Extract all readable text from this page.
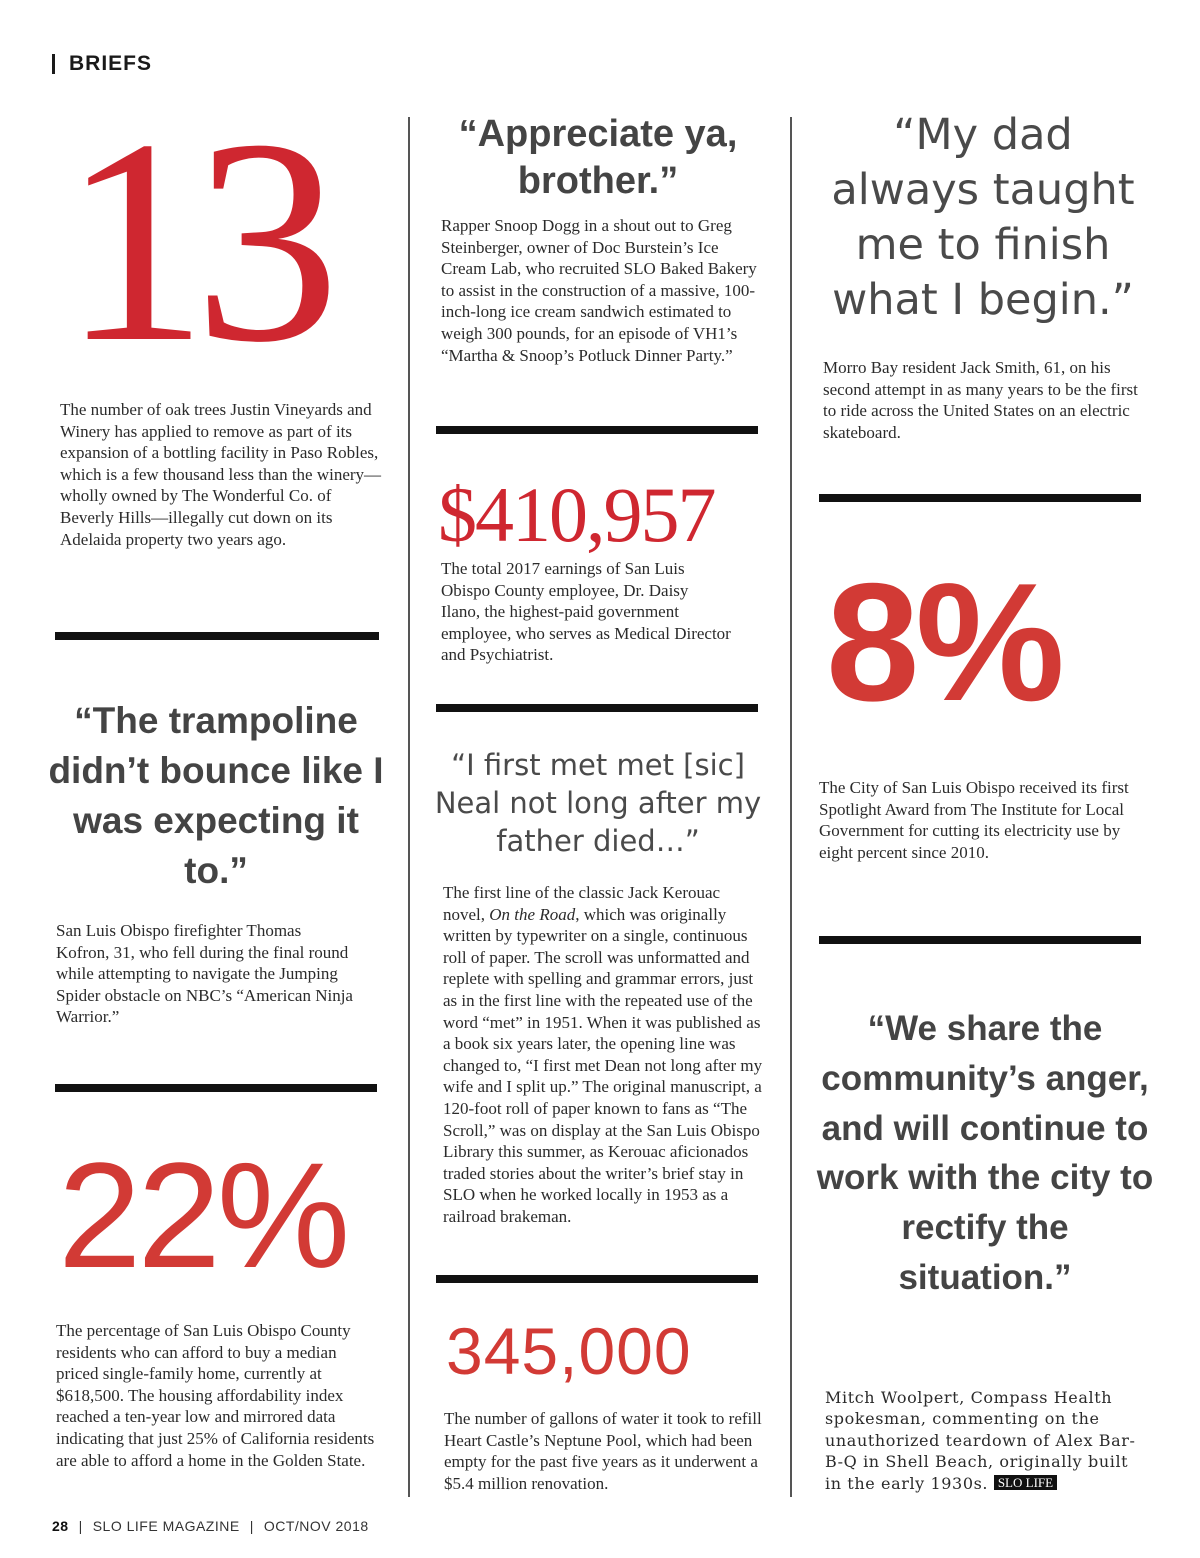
BRIEFS
13

The number of oak trees Justin Vineyards and Winery has applied to remove as part of its expansion of a bottling facility in Paso Robles, which is a few thousand less than the winery—wholly owned by The Wonderful Co. of Beverly Hills—illegally cut down on its Adelaida property two years ago.

“The trampoline didn’t bounce like I was expecting it to.”

San Luis Obispo firefighter Thomas Kofron, 31, who fell during the final round while attempting to navigate the Jumping Spider obstacle on NBC’s “American Ninja Warrior.”

22%

The percentage of San Luis Obispo County residents who can afford to buy a median priced single-family home, currently at $618,500. The housing affordability index reached a ten-year low and mirrored data indicating that just 25% of California residents are able to afford a home in the Golden State.

“Appreciate ya, brother.”

Rapper Snoop Dogg in a shout out to Greg Steinberger, owner of Doc Burstein’s Ice Cream Lab, who recruited SLO Baked Bakery to assist in the construction of a massive, 100-inch-long ice cream sandwich estimated to weigh 300 pounds, for an episode of VH1’s “Martha & Snoop’s Potluck Dinner Party.”

$410,957

The total 2017 earnings of San Luis Obispo County employee, Dr. Daisy Ilano, the highest-paid government employee, who serves as Medical Director and Psychiatrist.

“I first met met [sic] Neal not long after my father died…”

The first line of the classic Jack Kerouac novel, On the Road, which was originally written by typewriter on a single, continuous roll of paper. The scroll was unformatted and replete with spelling and grammar errors, just as in the first line with the repeated use of the word “met” in 1951. When it was published as a book six years later, the opening line was changed to, “I first met Dean not long after my wife and I split up.” The original manuscript, a 120-foot roll of paper known to fans as “The Scroll,” was on display at the San Luis Obispo Library this summer, as Kerouac aficionados traded stories about the writer’s brief stay in SLO when he worked locally in 1953 as a railroad brakeman.

345,000

The number of gallons of water it took to refill Heart Castle’s Neptune Pool, which had been empty for the past five years as it underwent a $5.4 million renovation.

“My dad always taught me to finish what I begin.”

Morro Bay resident Jack Smith, 61, on his second attempt in as many years to be the first to ride across the United States on an electric skateboard.

8%

The City of San Luis Obispo received its first Spotlight Award from The Institute for Local Government for cutting its electricity use by eight percent since 2010.

“We share the community’s anger, and will continue to work with the city to rectify the situation.”

Mitch Woolpert, Compass Health spokesman, commenting on the unauthorized teardown of Alex Bar-B-Q in Shell Beach, originally built in the early 1930s. SLO LIFE

28 | SLO LIFE MAGAZINE | OCT/NOV 2018
